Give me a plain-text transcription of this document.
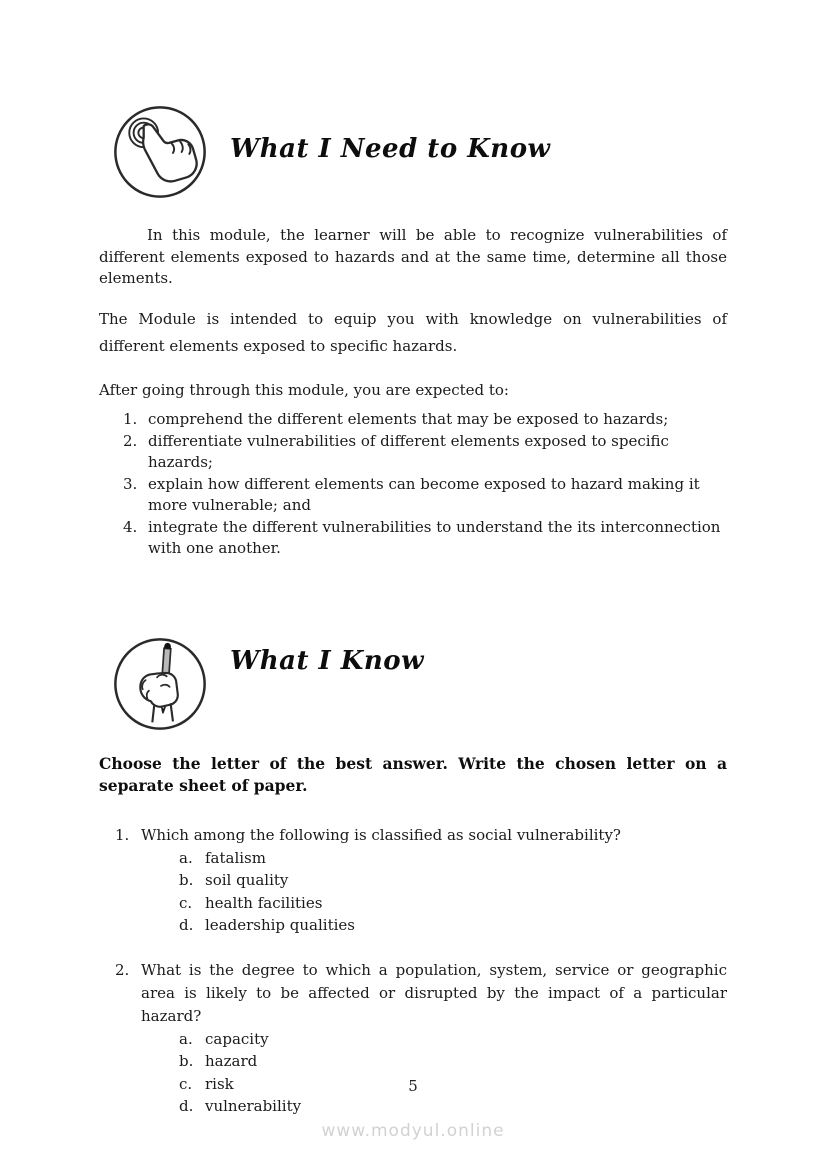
What I Need to Know

In this module, the learner will be able to recognize vulnerabilities of different elements exposed to hazards and at the same time, determine all those elements.

The Module is intended to equip you with knowledge on vulnerabilities of different elements exposed to specific hazards.

After going through this module, you are expected to:

1. comprehend the different elements that may be exposed to hazards;
2. differentiate vulnerabilities of different elements exposed to specific hazards;
3. explain how different elements can become exposed to hazard making it more vulnerable; and
4. integrate the different vulnerabilities to understand the its interconnection with one another.
What I Know

Choose the letter of the best answer. Write the chosen letter on a separate sheet of paper.

1. Which among the following is classified as social vulnerability?

a. fatalism
b. soil quality
c. health facilities
d. leadership qualities
2. What is the degree to which a population, system, service or geographic area is likely to be affected or disrupted by the impact of a particular hazard?

a. capacity
b. hazard
c. risk
d. vulnerability
5
www.modyul.online
